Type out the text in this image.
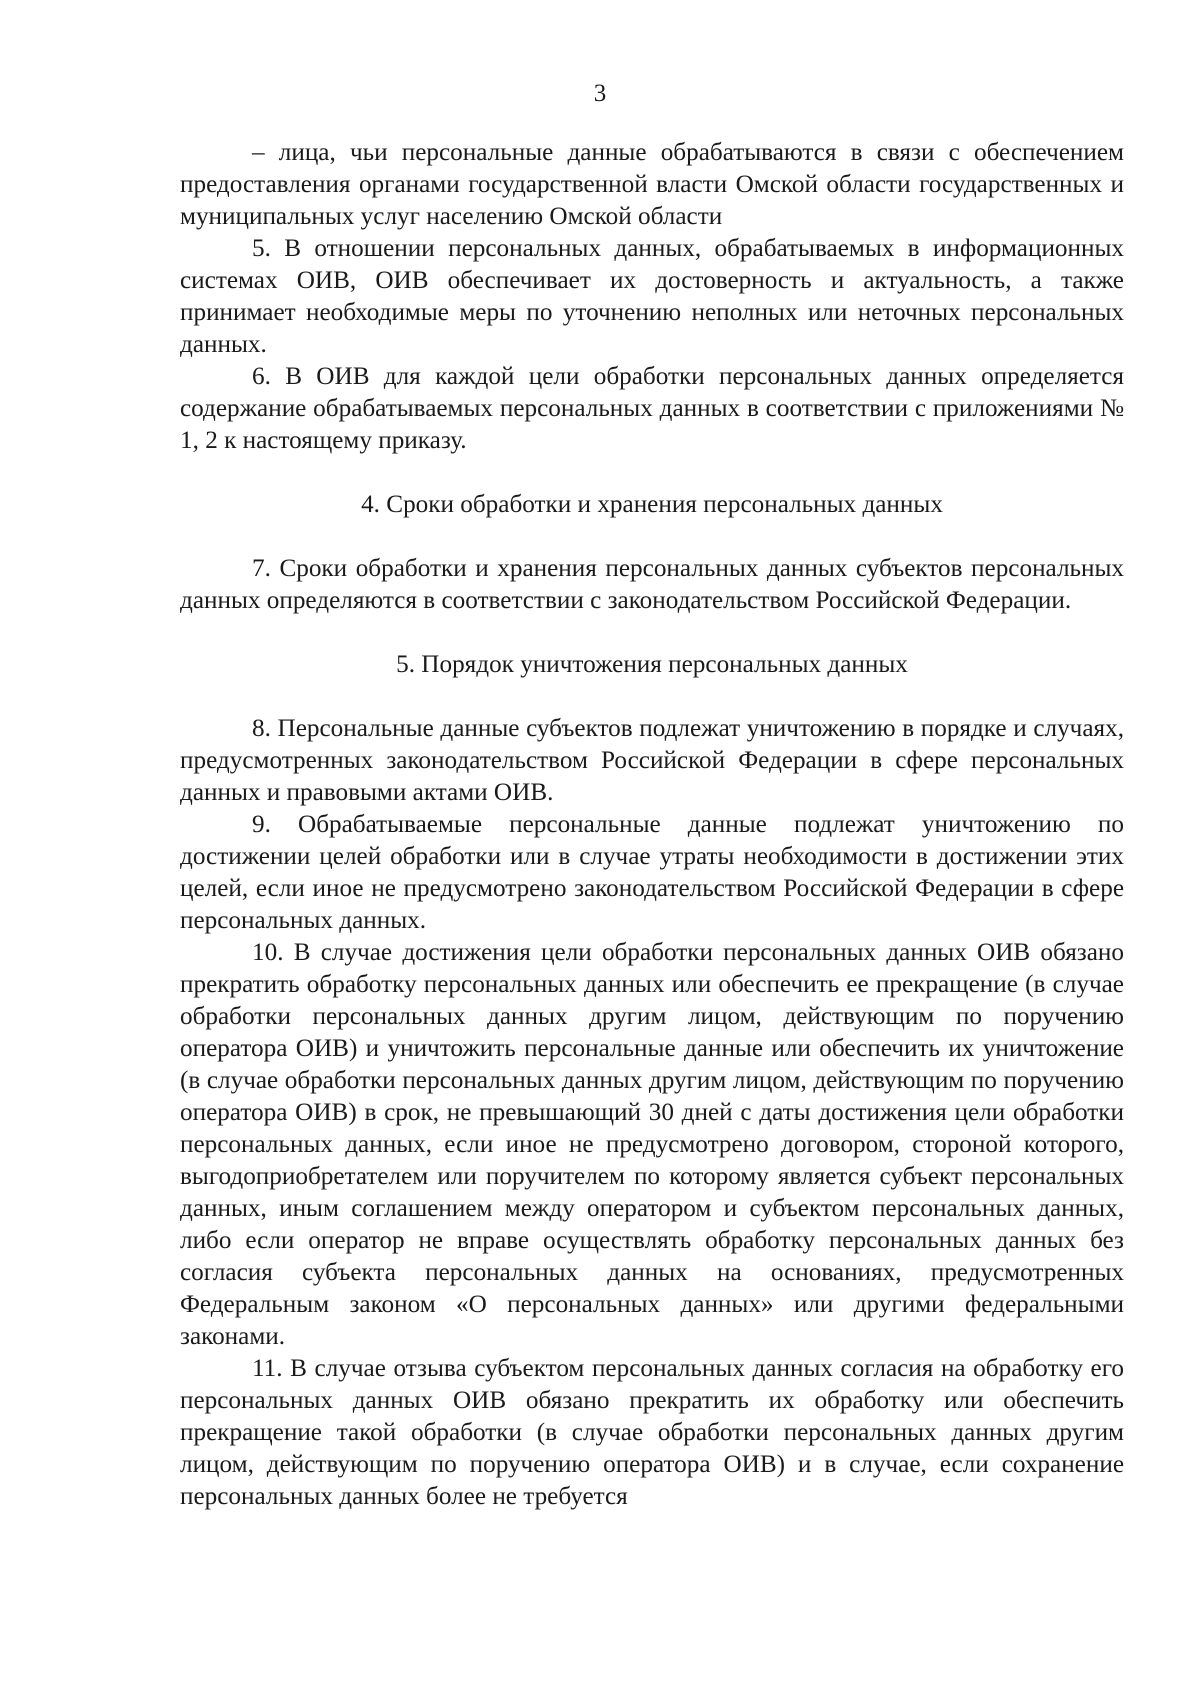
3

– лица, чьи персональные данные обрабатываются в связи с обеспечением предоставления органами государственной власти Омской области государственных и муниципальных услуг населению Омской области

5. В отношении персональных данных, обрабатываемых в информационных системах ОИВ, ОИВ обеспечивает их достоверность и актуальность, а также принимает необходимые меры по уточнению неполных или неточных персональных данных.

6. В ОИВ для каждой цели обработки персональных данных определяется содержание обрабатываемых персональных данных в соответствии с приложениями № 1, 2 к настоящему приказу.

4. Сроки обработки и хранения персональных данных

7. Сроки обработки и хранения персональных данных субъектов персональных данных определяются в соответствии с законодательством Российской Федерации.

5. Порядок уничтожения персональных данных

8. Персональные данные субъектов подлежат уничтожению в порядке и случаях, предусмотренных законодательством Российской Федерации в сфере персональных данных и правовыми актами ОИВ.

9. Обрабатываемые персональные данные подлежат уничтожению по достижении целей обработки или в случае утраты необходимости в достижении этих целей, если иное не предусмотрено законодательством Российской Федерации в сфере персональных данных.

10. В случае достижения цели обработки персональных данных ОИВ обязано прекратить обработку персональных данных или обеспечить ее прекращение (в случае обработки персональных данных другим лицом, действующим по поручению оператора ОИВ) и уничтожить персональные данные или обеспечить их уничтожение (в случае обработки персональных данных другим лицом, действующим по поручению оператора ОИВ) в срок, не превышающий 30 дней с даты достижения цели обработки персональных данных, если иное не предусмотрено договором, стороной которого, выгодоприобретателем или поручителем по которому является субъект персональных данных, иным соглашением между оператором и субъектом персональных данных, либо если оператор не вправе осуществлять обработку персональных данных без согласия субъекта персональных данных на основаниях, предусмотренных Федеральным законом «О персональных данных» или другими федеральными законами.

11. В случае отзыва субъектом персональных данных согласия на обработку его персональных данных ОИВ обязано прекратить их обработку или обеспечить прекращение такой обработки (в случае обработки персональных данных другим лицом, действующим по поручению оператора ОИВ) и в случае, если сохранение персональных данных более не требуется
